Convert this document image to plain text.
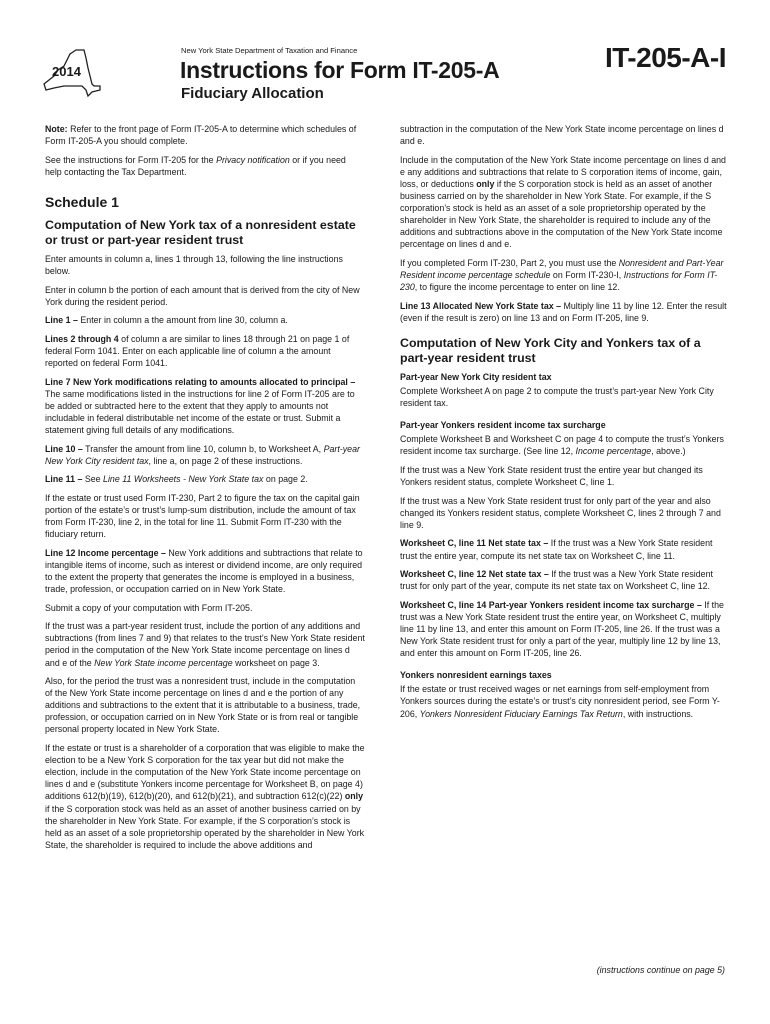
2014
New York State Department of Taxation and Finance
Instructions for Form IT-205-A
Fiduciary Allocation
IT-205-A-I

Note: Refer to the front page of Form IT-205-A to determine which schedules of Form IT-205-A you should complete.

See the instructions for Form IT-205 for the Privacy notification or if you need help contacting the Tax Department.

Schedule 1
Computation of New York tax of a nonresident estate or trust or part-year resident trust

Enter amounts in column a, lines 1 through 13, following the line instructions below.

Enter in column b the portion of each amount that is derived from the city of New York during the resident period.

Line 1 – Enter in column a the amount from line 30, column a.

Lines 2 through 4 of column a are similar to lines 18 through 21 on page 1 of federal Form 1041. Enter on each applicable line of column a the amount reported on federal Form 1041.

Line 7 New York modifications relating to amounts allocated to principal – The same modifications listed in the instructions for line 2 of Form IT-205 are to be added or subtracted here to the extent that they apply to amounts not includable in federal distributable net income of the estate or trust. Submit a statement giving full details of any modifications.

Line 10 – Transfer the amount from line 10, column b, to Worksheet A, Part-year New York City resident tax, line a, on page 2 of these instructions.

Line 11 – See Line 11 Worksheets - New York State tax on page 2.

If the estate or trust used Form IT-230, Part 2 to figure the tax on the capital gain portion of the estate’s or trust’s lump-sum distribution, include the amount of tax from Form IT-230, line 2, in the total for line 11. Submit Form IT-230 with the fiduciary return.

Line 12 Income percentage – New York additions and subtractions that relate to intangible items of income, such as interest or dividend income, are only required to the extent the property that generates the income is employed in a business, trade, profession, or occupation carried on in New York State.

Submit a copy of your computation with Form IT-205.

If the trust was a part-year resident trust, include the portion of any additions and subtractions (from lines 7 and 9) that relates to the trust’s New York State resident period in the computation of the New York State income percentage on lines d and e of the New York State income percentage worksheet on page 3.

Also, for the period the trust was a nonresident trust, include in the computation of the New York State income percentage on lines d and e the portion of any additions and subtractions to the extent that it is attributable to a business, trade, profession, or occupation carried on in New York State or is from real or tangible personal property located in New York State.

If the estate or trust is a shareholder of a corporation that was eligible to make the election to be a New York S corporation for the tax year but did not make the election, include in the computation of the New York State income percentage on lines d and e (substitute Yonkers income percentage for Worksheet B, on page 4) additions 612(b)(19), 612(b)(20), and 612(b)(21), and subtraction 612(c)(22) only if the S corporation stock was held as an asset of another business carried on by the shareholder in New York State. For example, if the S corporation’s stock is held as an asset of a sole proprietorship operated by the shareholder in New York State, the shareholder is required to include the above additions and

subtraction in the computation of the New York State income percentage on lines d and e.

Include in the computation of the New York State income percentage on lines d and e any additions and subtractions that relate to S corporation items of income, gain, loss, or deductions only if the S corporation stock is held as an asset of another business carried on by the shareholder in New York State. For example, if the S corporation’s stock is held as an asset of a sole proprietorship operated by the shareholder in New York State, the shareholder is required to include any of the additions and subtractions above in the computation of the New York State income percentage on lines d and e.

If you completed Form IT-230, Part 2, you must use the Nonresident and Part-Year Resident income percentage schedule on Form IT-230-I, Instructions for Form IT-230, to figure the income percentage to enter on line 12.

Line 13 Allocated New York State tax – Multiply line 11 by line 12. Enter the result (even if the result is zero) on line 13 and on Form IT-205, line 9.

Computation of New York City and Yonkers tax of a part-year resident trust
Part-year New York City resident tax

Complete Worksheet A on page 2 to compute the trust’s part-year New York City resident tax.

Part-year Yonkers resident income tax surcharge

Complete Worksheet B and Worksheet C on page 4 to compute the trust’s Yonkers resident income tax surcharge. (See line 12, Income percentage, above.)

If the trust was a New York State resident trust the entire year but changed its Yonkers resident status, complete Worksheet C, line 1.

If the trust was a New York State resident trust for only part of the year and also changed its Yonkers resident status, complete Worksheet C, lines 2 through 7 and line 9.

Worksheet C, line 11 Net state tax – If the trust was a New York State resident trust the entire year, compute its net state tax on Worksheet C, line 11.

Worksheet C, line 12 Net state tax – If the trust was a New York State resident trust for only part of the year, compute its net state tax on Worksheet C, line 12.

Worksheet C, line 14 Part-year Yonkers resident income tax surcharge – If the trust was a New York State resident trust the entire year, on Worksheet C, multiply line 11 by line 13, and enter this amount on Form IT-205, line 26. If the trust was a New York State resident trust for only a part of the year, multiply line 12 by line 13, and enter this amount on Form IT-205, line 26.

Yonkers nonresident earnings taxes

If the estate or trust received wages or net earnings from self-employment from Yonkers sources during the estate’s or trust’s city nonresident period, see Form Y-206, Yonkers Nonresident Fiduciary Earnings Tax Return, with instructions.

(instructions continue on page 5)
